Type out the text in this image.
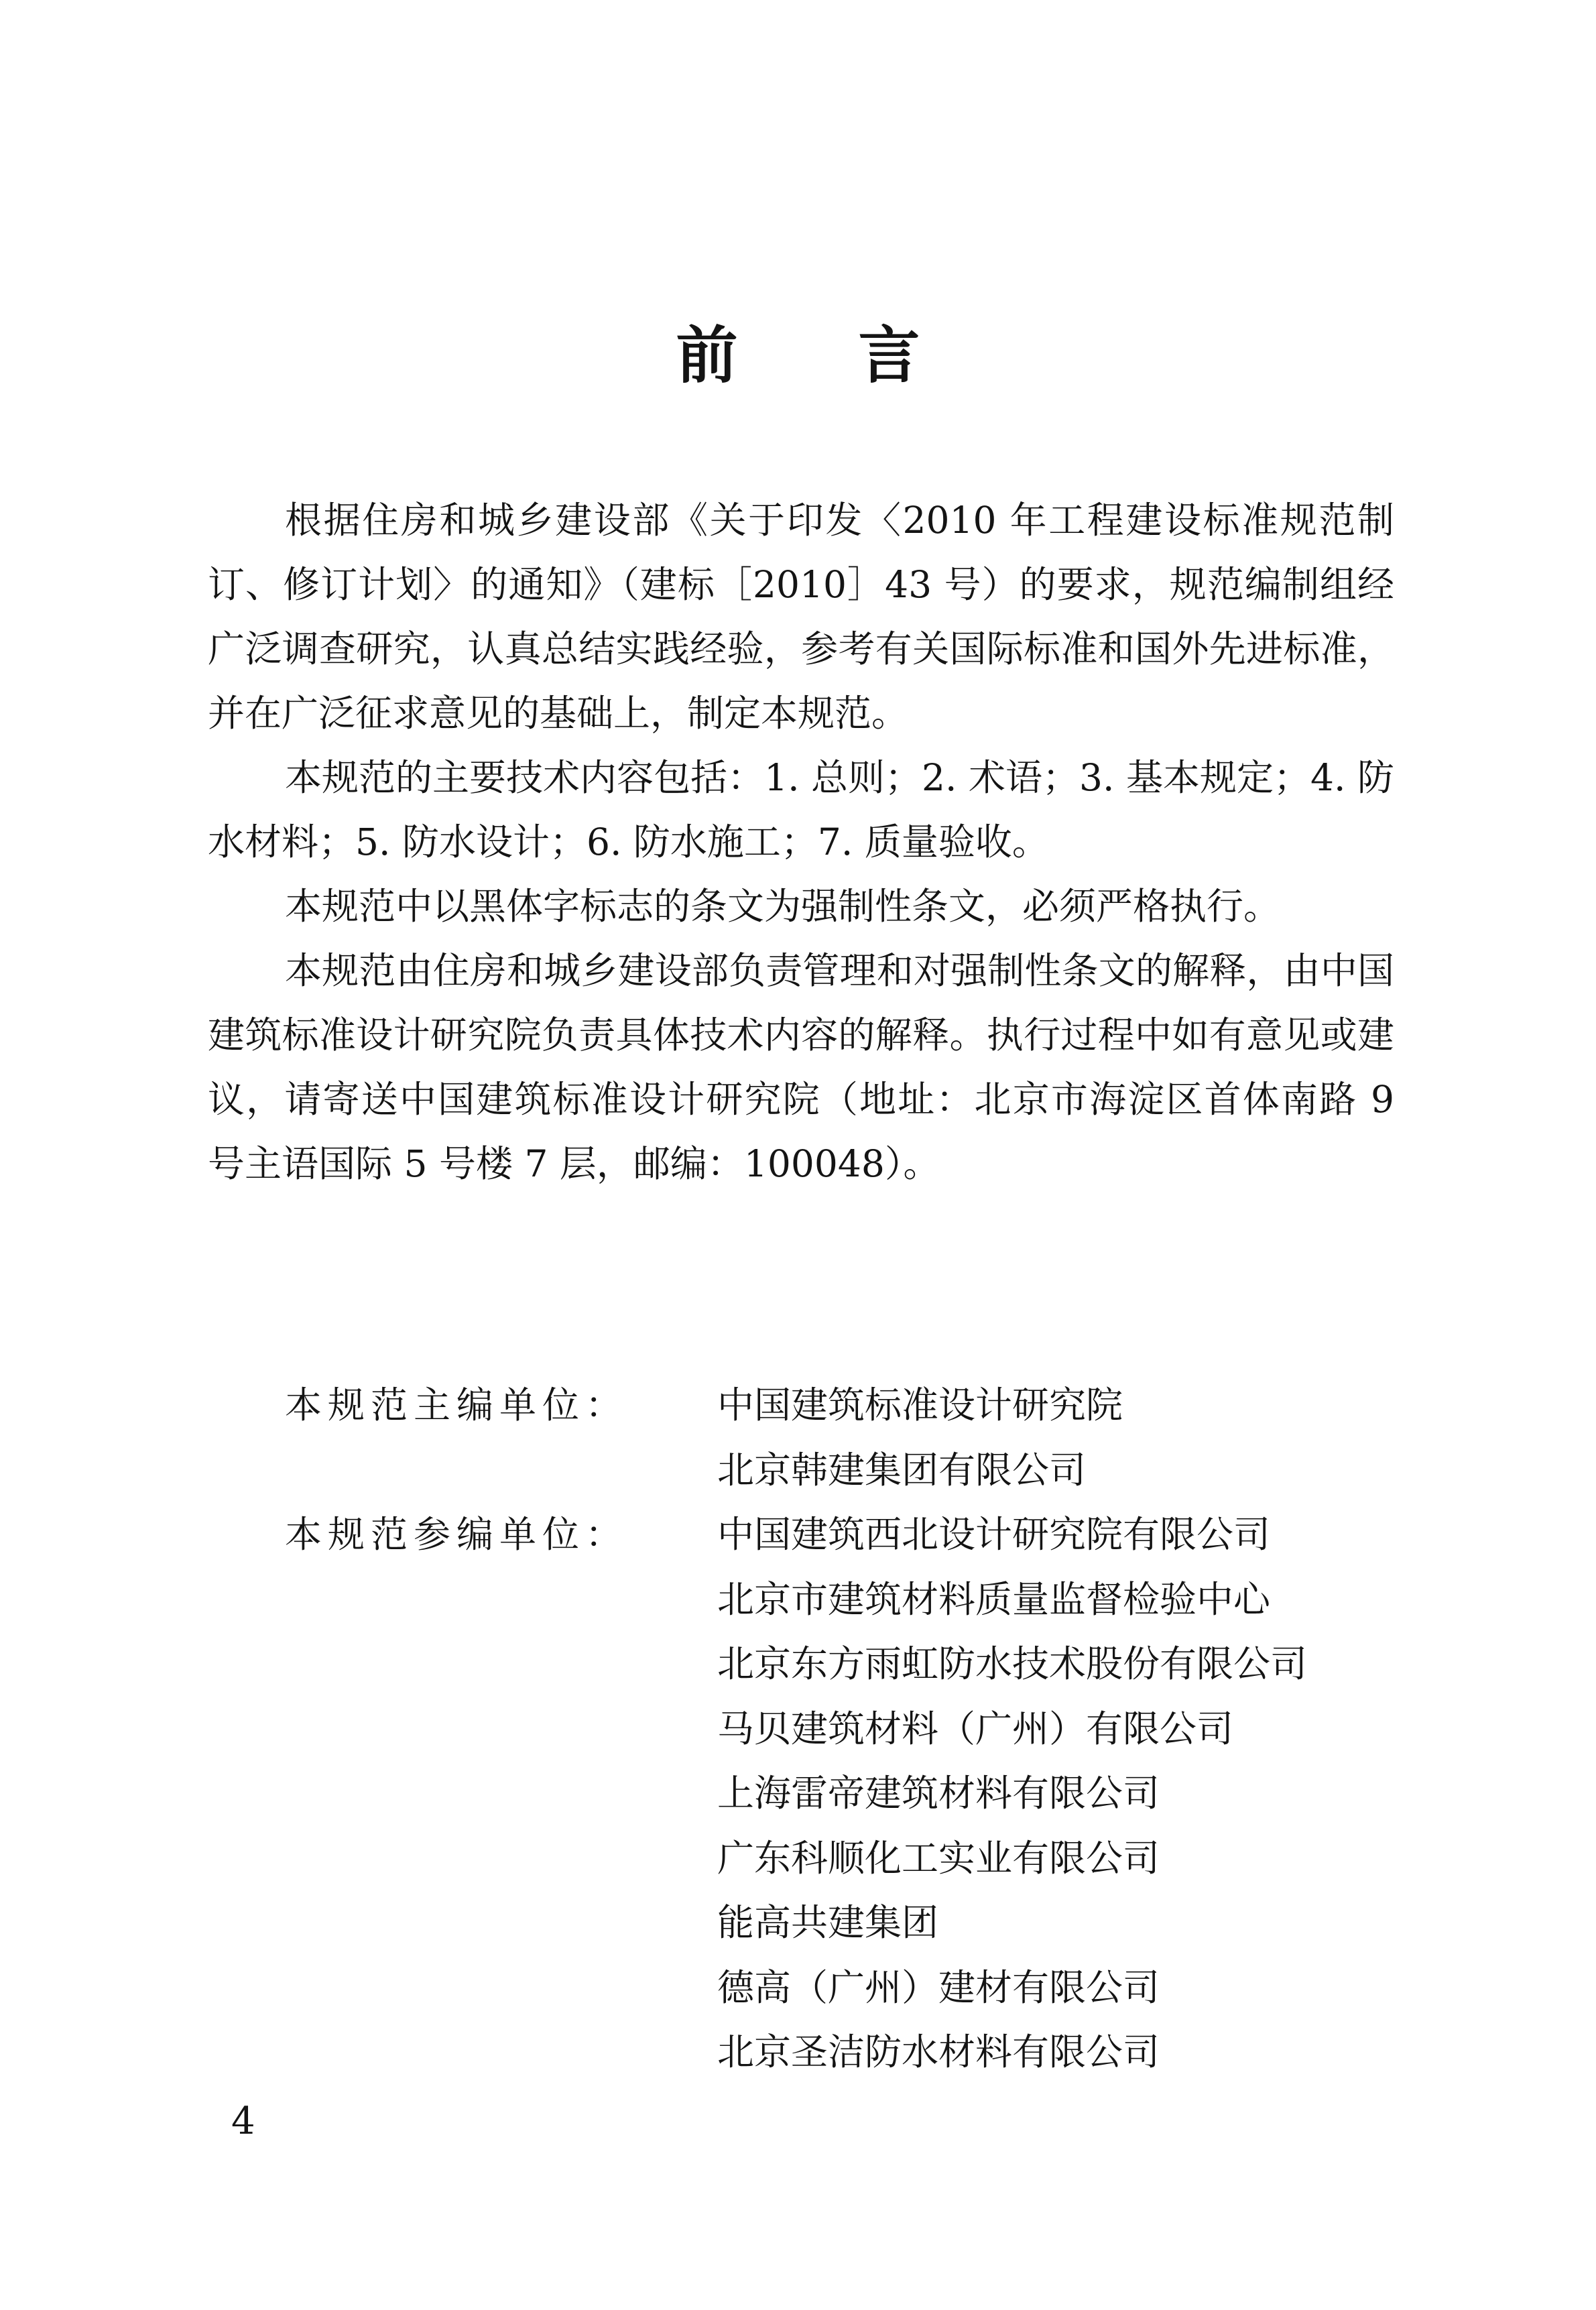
前 言

根据住房和城乡建设部《关于印发〈2010 年工程建设标准规范制订、修订计划〉的通知》（建标［2010］43 号）的要求，规范编制组经广泛调查研究，认真总结实践经验，参考有关国际标准和国外先进标准，并在广泛征求意见的基础上，制定本规范。

本规范的主要技术内容包括：1. 总则；2. 术语；3. 基本规定；4. 防水材料；5. 防水设计；6. 防水施工；7. 质量验收。

本规范中以黑体字标志的条文为强制性条文，必须严格执行。

本规范由住房和城乡建设部负责管理和对强制性条文的解释，由中国建筑标准设计研究院负责具体技术内容的解释。执行过程中如有意见或建议，请寄送中国建筑标准设计研究院（地址：北京市海淀区首体南路 9 号主语国际 5 号楼 7 层，邮编：100048）。

本规范主编单位：	中国建筑标准设计研究院
北京韩建集团有限公司
本规范参编单位：	中国建筑西北设计研究院有限公司
北京市建筑材料质量监督检验中心
北京东方雨虹防水技术股份有限公司
马贝建筑材料（广州）有限公司
上海雷帝建筑材料有限公司
广东科顺化工实业有限公司
能高共建集团
德高（广州）建材有限公司
北京圣洁防水材料有限公司
4
